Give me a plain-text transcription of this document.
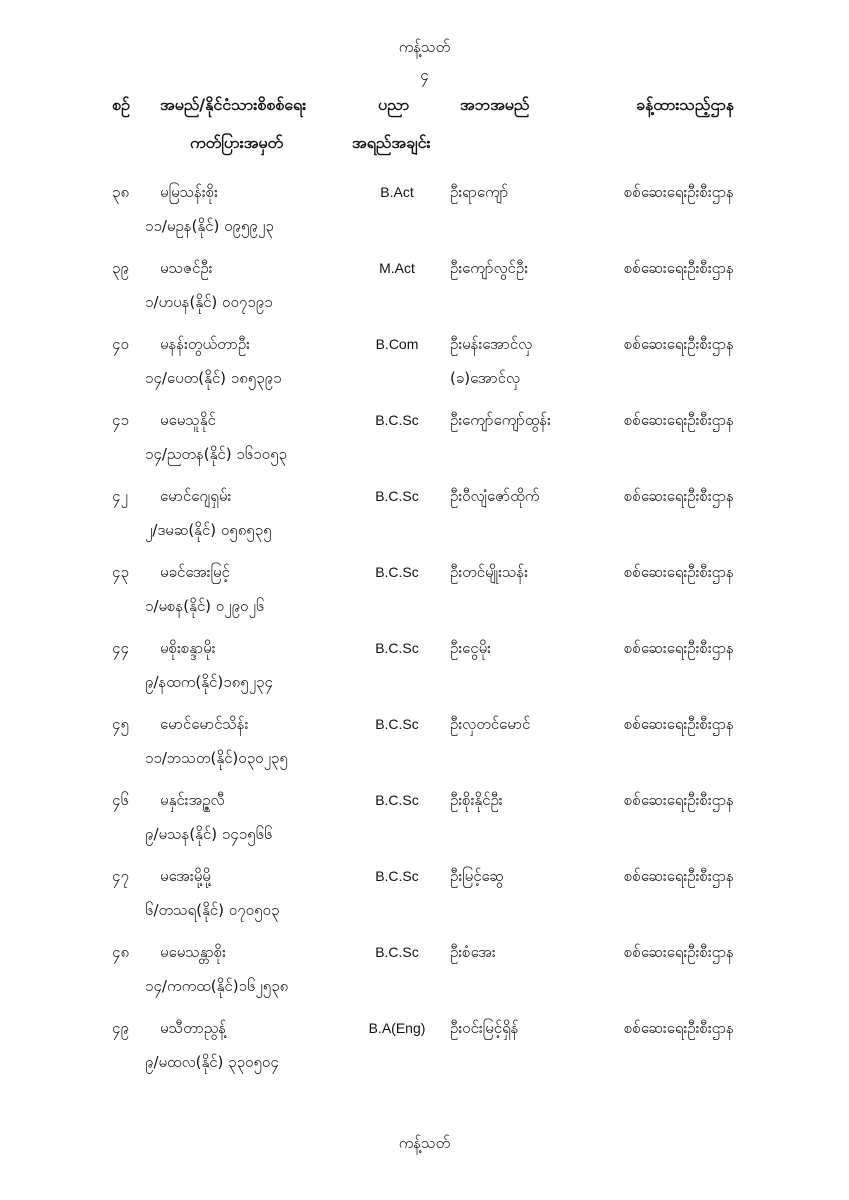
ကန့်သတ်
၄
စဉ် အမည်/နိုင်ငံသားစိစစ်ရေး
ကတ်ပြားအမှတ်
ပညာ
အရည်အချင်း
အဘအမည်	ခန့်ထားသည့်ဌာန
၃၈ မမြသန်းစိုး
၁၁/မဥန(နိုင်) ၀၉၅၉၂၃
B.Act	ဦးရာကျော်	စစ်ဆေးရေးဦးစီးဌာန
၃၉ မသဇင်ဦး
၁/ဟပန(နိုင်) ၀၀၇၁၉၁
M.Act	ဦးကျော်လွင်ဦး	စစ်ဆေးရေးဦးစီးဌာန
၄၀ မနန်းတွယ်တာဦး
၁၄/ပေတ(နိုင်) ၁၈၅၃၉၁
B.Com	ဦးမန်းအောင်လှ
(ခ)အောင်လှ
စစ်ဆေးရေးဦးစီးဌာန
၄၁ မမေသူနိုင်
၁၄/ညတန(နိုင်) ၁၆၁၀၅၃
B.C.Sc	ဦးကျော်ကျော်ထွန်း	စစ်ဆေးရေးဦးစီးဌာန
၄၂ မောင်ဂျေရှမ်း
၂/ဒမဆ(နိုင်) ၀၅၈၅၃၅
B.C.Sc	ဦးဝီလျံဇော်ထိုက်	စစ်ဆေးရေးဦးစီးဌာန
၄၃ မခင်အေးမြင့်
၁/မစန(နိုင်) ၀၂၉၀၂၆
B.C.Sc	ဦးတင်မျိုးသန်း	စစ်ဆေးရေးဦးစီးဌာန
၄၄ မစိုးစန္ဒာမိုး
၉/နထက(နိုင်)၁၈၅၂၃၄
B.C.Sc	ဦးငွေမိုး	စစ်ဆေးရေးဦးစီးဌာန
၄၅ မောင်မောင်သိန်း
၁၁/ဘသတ(နိုင်)၀၃၀၂၃၅
B.C.Sc	ဦးလှတင်မောင်	စစ်ဆေးရေးဦးစီးဌာန
၄၆ မနှင်းအဥ္ဇလီ
၉/မသန(နိုင်) ၁၄၁၅၆၆
B.C.Sc	ဦးစိုးနိုင်ဦး	စစ်ဆေးရေးဦးစီးဌာန
၄၇ မအေးမို့မို့
၆/တသရ(နိုင်) ၀၇၀၅၀၃
B.C.Sc	ဦးမြင့်ဆွေ	စစ်ဆေးရေးဦးစီးဌာန
၄၈ မမေသန္တာစိုး
၁၄/ကကထ(နိုင်)၁၆၂၅၃၈
B.C.Sc	ဦးစံအေး	စစ်ဆေးရေးဦးစီးဌာန
၄၉ မသီတာညွန့်
၉/မထလ(နိုင်) ၃၃၀၅၀၄
B.A(Eng)	ဦးဝင်းမြင့်ရှိန်	စစ်ဆေးရေးဦးစီးဌာန
ကန့်သတ်
